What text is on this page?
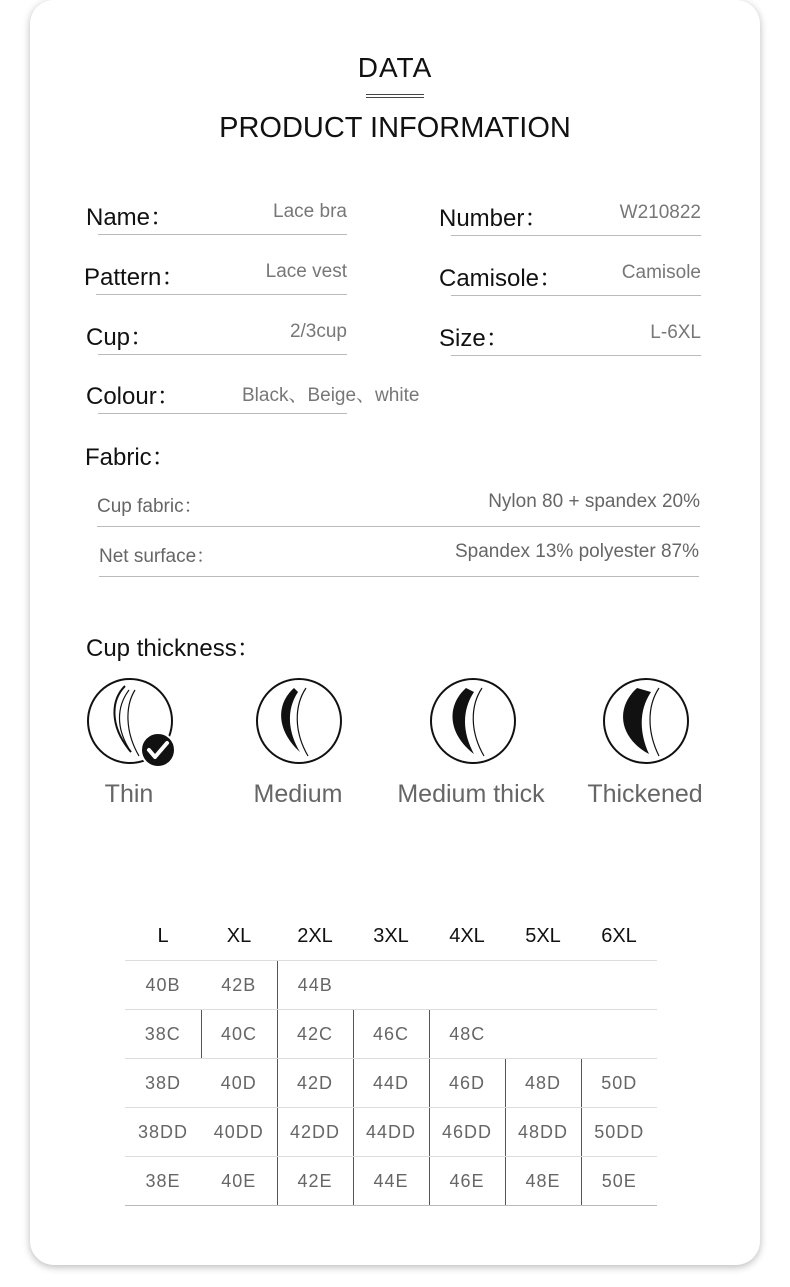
DATA
PRODUCT INFORMATION
Name：	Lace bra
Pattern：	Lace vest
Cup：	2/3cup
Colour：	Black、Beige、white
Number：	W210822
Camisole：	Camisole
Size：	L-6XL
Fabric：
Cup fabric：	Nylon 80 + spandex 20%
Net surface：	Spandex 13% polyester 87%
Cup thickness：
Thin	Medium	Medium thick	Thickened
L	XL	2XL	3XL	4XL	5XL	6XL
40B	42B	44B				
38C	40C	42C	46C	48C		
38D	40D	42D	44D	46D	48D	50D
38DD	40DD	42DD	44DD	46DD	48DD	50DD
38E	40E	42E	44E	46E	48E	50E
